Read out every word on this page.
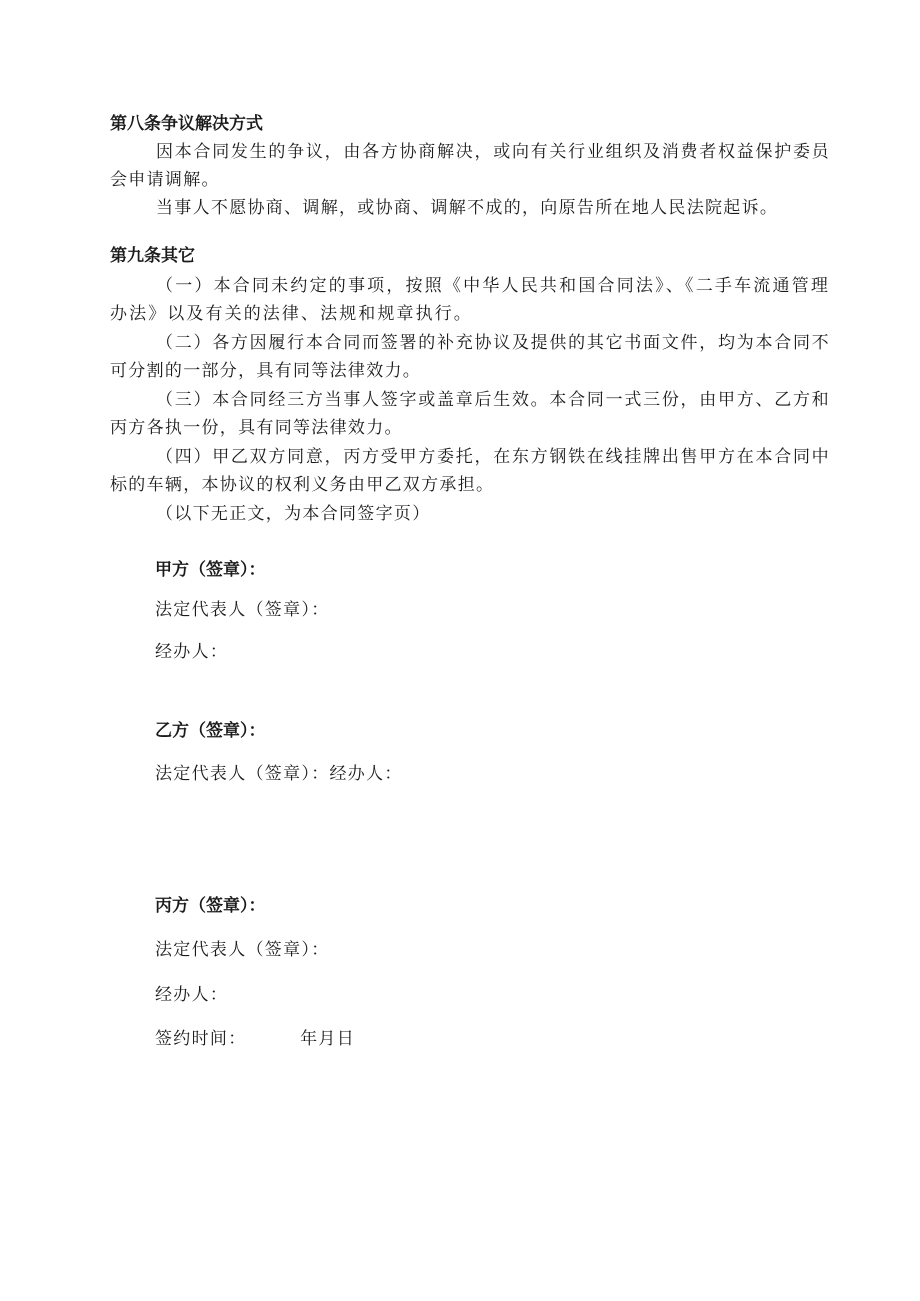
第八条争议解决方式

因本合同发生的争议，由各方协商解决，或向有关行业组织及消费者权益保护委员会申请调解。

当事人不愿协商、调解，或协商、调解不成的，向原告所在地人民法院起诉。

第九条其它

（一）本合同未约定的事项，按照《中华人民共和国合同法》、《二手车流通管理办法》以及有关的法律、法规和规章执行。

（二）各方因履行本合同而签署的补充协议及提供的其它书面文件，均为本合同不可分割的一部分，具有同等法律效力。

（三）本合同经三方当事人签字或盖章后生效。本合同一式三份，由甲方、乙方和丙方各执一份，具有同等法律效力。

（四）甲乙双方同意，丙方受甲方委托，在东方钢铁在线挂牌出售甲方在本合同中标的车辆，本协议的权利义务由甲乙双方承担。

（以下无正文，为本合同签字页）

甲方（签章）：

法定代表人（签章）：

经办人：

乙方（签章）：

法定代表人（签章）：经办人：

丙方（签章）：

法定代表人（签章）：

经办人：

签约时间：        年月日
